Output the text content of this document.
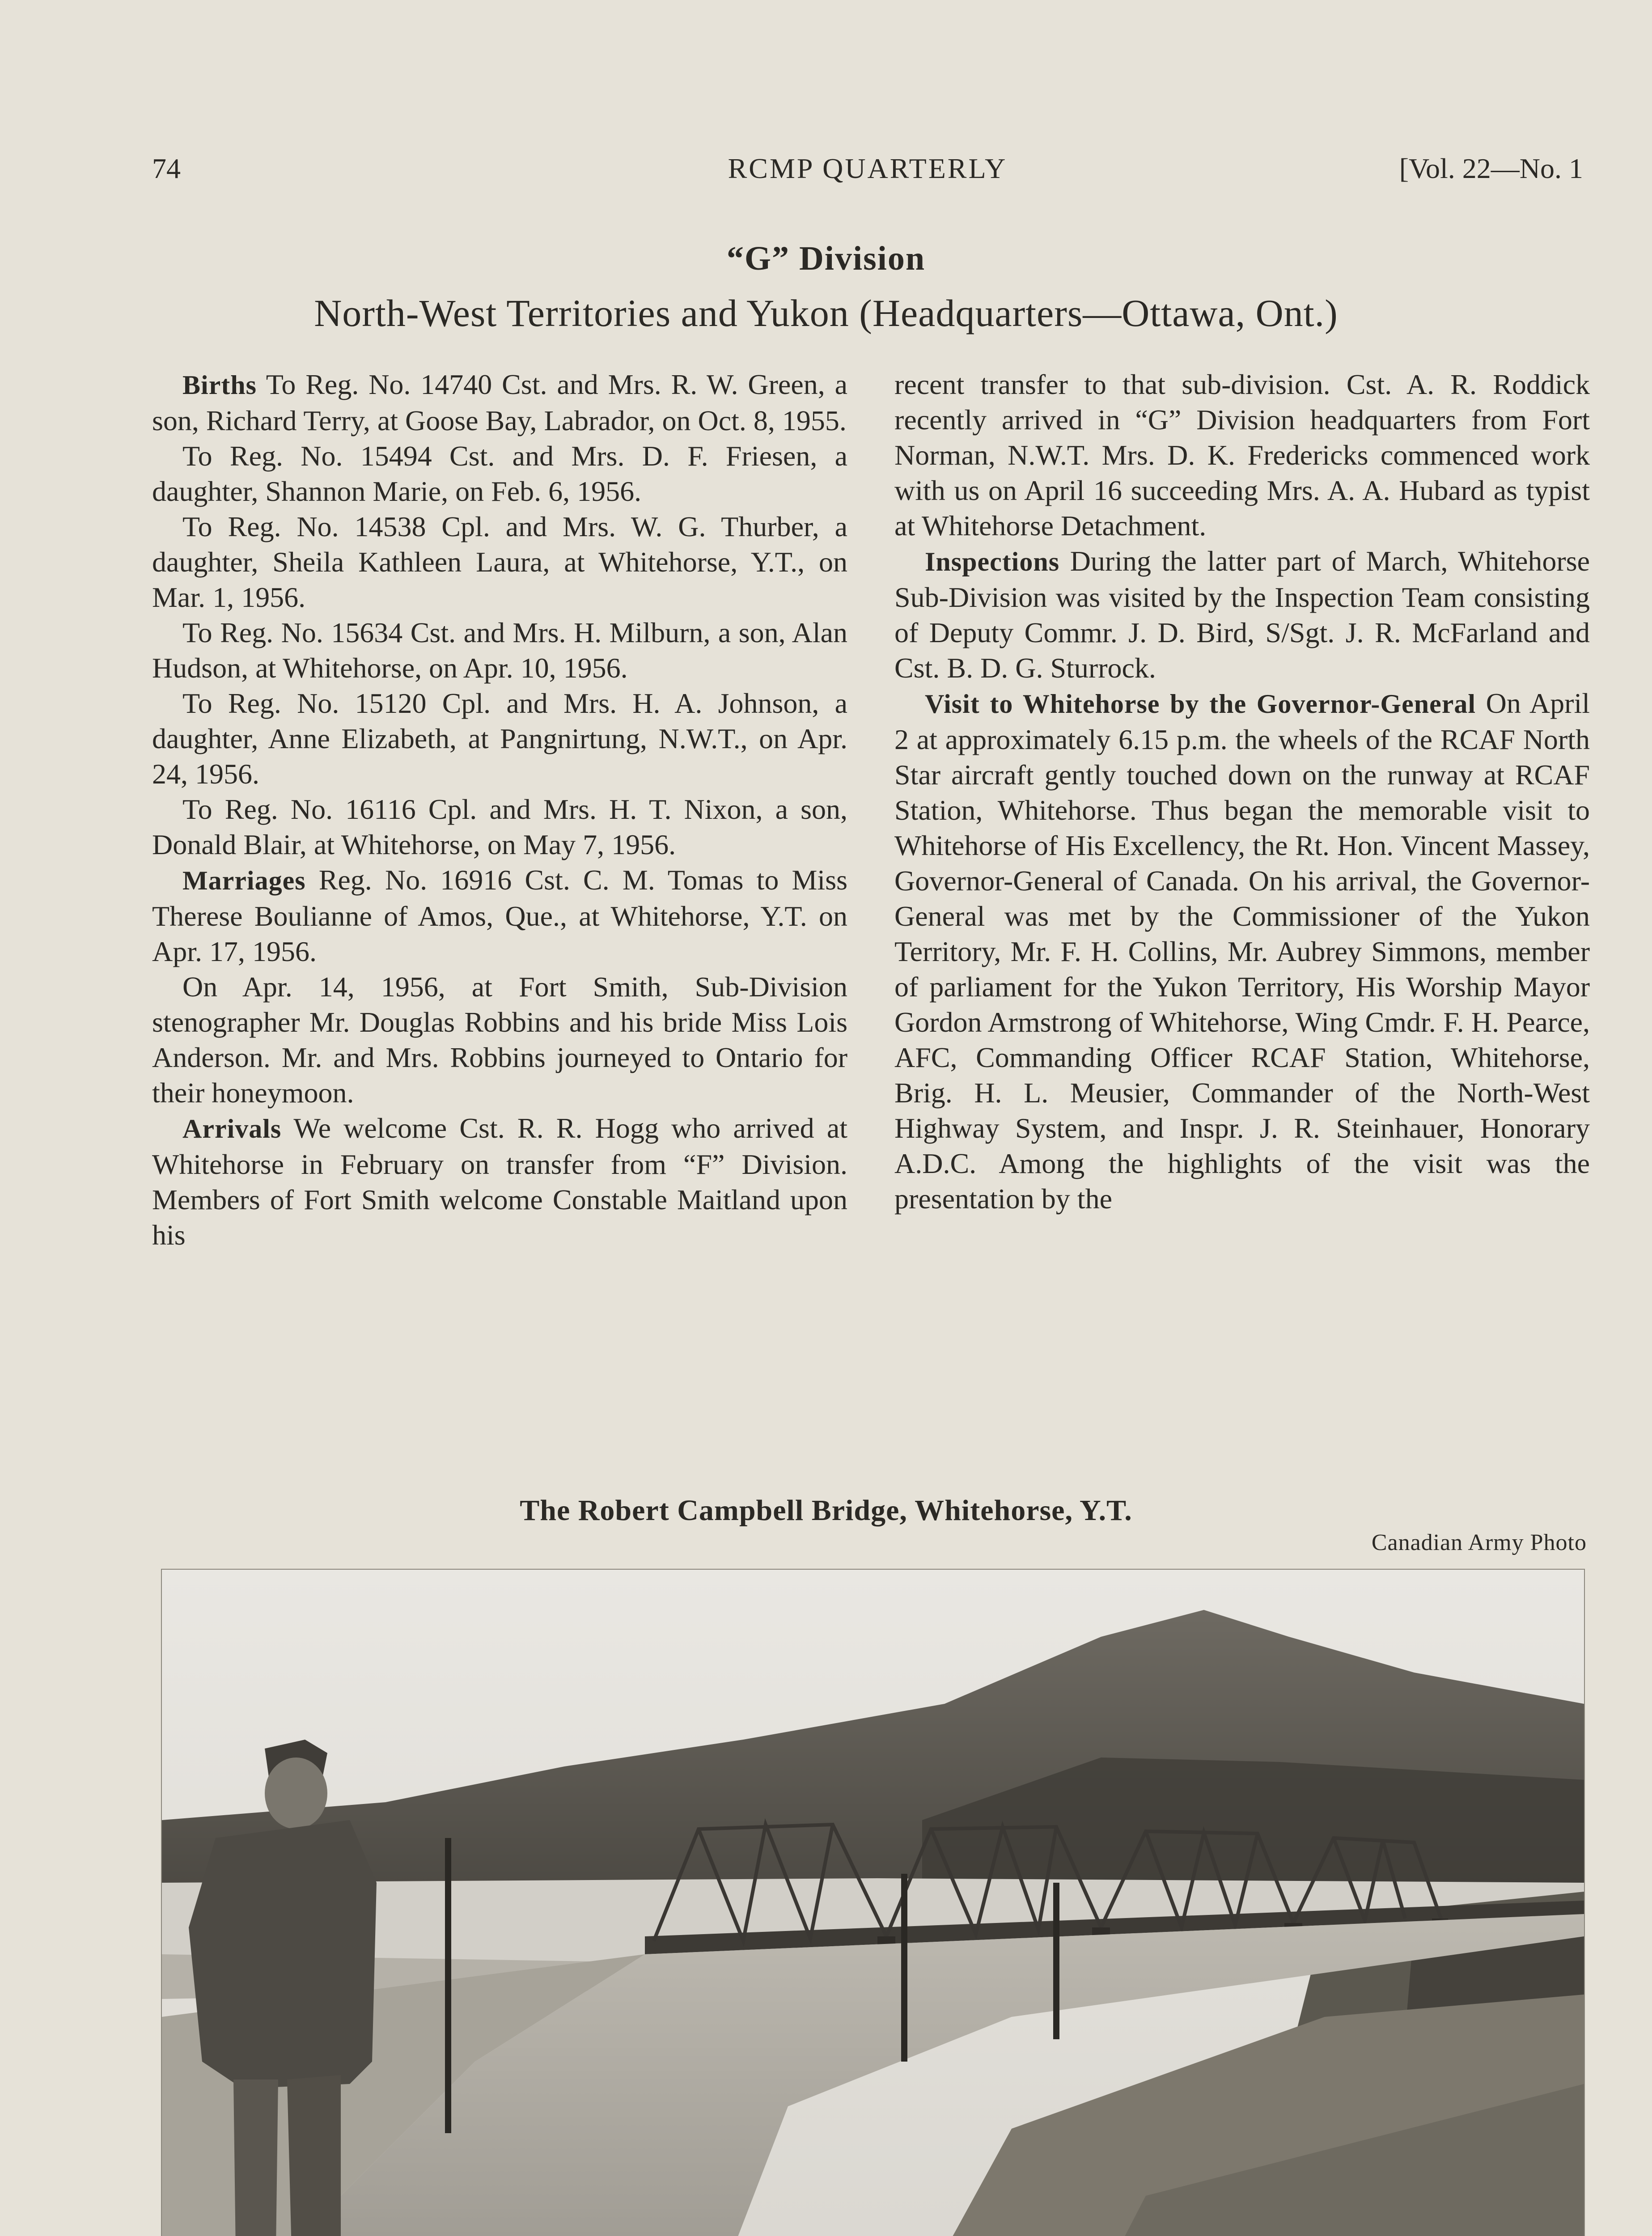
74	RCMP QUARTERLY	[Vol. 22—No. 1
“G” Division
North-West Territories and Yukon (Headquarters—Ottawa, Ont.)

Births To Reg. No. 14740 Cst. and Mrs. R. W. Green, a son, Richard Terry, at Goose Bay, Labrador, on Oct. 8, 1955.

To Reg. No. 15494 Cst. and Mrs. D. F. Friesen, a daughter, Shannon Marie, on Feb. 6, 1956.

To Reg. No. 14538 Cpl. and Mrs. W. G. Thurber, a daughter, Sheila Kathleen Laura, at Whitehorse, Y.T., on Mar. 1, 1956.

To Reg. No. 15634 Cst. and Mrs. H. Milburn, a son, Alan Hudson, at Whitehorse, on Apr. 10, 1956.

To Reg. No. 15120 Cpl. and Mrs. H. A. Johnson, a daughter, Anne Elizabeth, at Pangnirtung, N.W.T., on Apr. 24, 1956.

To Reg. No. 16116 Cpl. and Mrs. H. T. Nixon, a son, Donald Blair, at Whitehorse, on May 7, 1956.

Marriages Reg. No. 16916 Cst. C. M. Tomas to Miss Therese Boulianne of Amos, Que., at Whitehorse, Y.T. on Apr. 17, 1956.

On Apr. 14, 1956, at Fort Smith, Sub-Division stenographer Mr. Douglas Robbins and his bride Miss Lois Anderson. Mr. and Mrs. Robbins journeyed to Ontario for their honeymoon.

Arrivals We welcome Cst. R. R. Hogg who arrived at Whitehorse in February on transfer from “F” Division. Members of Fort Smith welcome Constable Maitland upon his

recent transfer to that sub-division. Cst. A. R. Roddick recently arrived in “G” Division headquarters from Fort Norman, N.W.T. Mrs. D. K. Fredericks commenced work with us on April 16 succeeding Mrs. A. A. Hubard as typist at Whitehorse Detachment.

Inspections During the latter part of March, Whitehorse Sub-Division was visited by the Inspection Team consisting of Deputy Commr. J. D. Bird, S/Sgt. J. R. McFarland and Cst. B. D. G. Sturrock.

Visit to Whitehorse by the Governor-General On April 2 at approximately 6.15 p.m. the wheels of the RCAF North Star aircraft gently touched down on the runway at RCAF Station, Whitehorse. Thus began the memorable visit to Whitehorse of His Excellency, the Rt. Hon. Vincent Massey, Governor-General of Canada. On his arrival, the Governor-General was met by the Commissioner of the Yukon Territory, Mr. F. H. Collins, Mr. Aubrey Simmons, member of parliament for the Yukon Territory, His Worship Mayor Gordon Armstrong of Whitehorse, Wing Cmdr. F. H. Pearce, AFC, Commanding Officer RCAF Station, Whitehorse, Brig. H. L. Meusier, Commander of the North-West Highway System, and Inspr. J. R. Steinhauer, Honorary A.D.C. Among the highlights of the visit was the presentation by the

The Robert Campbell Bridge, Whitehorse, Y.T.
Canadian Army Photo
